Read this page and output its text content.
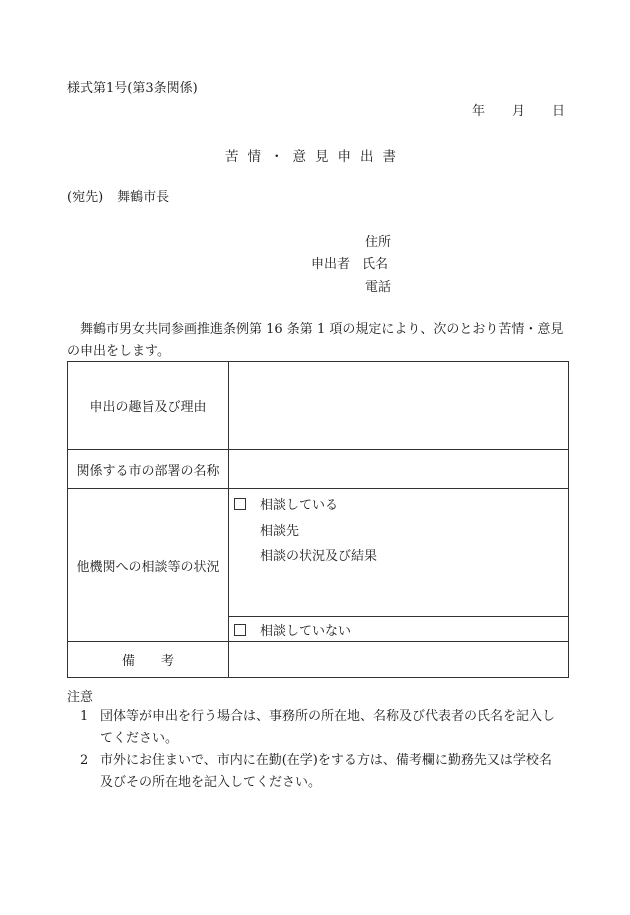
様式第1号(第3条関係)
年 月 日
苦情・意見申出書
(宛先) 舞鶴市長
住所
申出者 氏名
電話
舞鶴市男女共同参画推進条例第 16 条第 1 項の規定により、次のとおり苦情・意見の申出をします。
申出の趣旨及び理由	
関係する市の部署の名称	
他機関への相談等の状況	相談している
相談先
相談の状況及び結果

	相談していない
備考	
注意
1 団体等が申出を行う場合は、事務所の所在地、名称及び代表者の氏名を記入し
てください。
2 市外にお住まいで、市内に在勤(在学)をする方は、備考欄に勤務先又は学校名
及びその所在地を記入してください。
